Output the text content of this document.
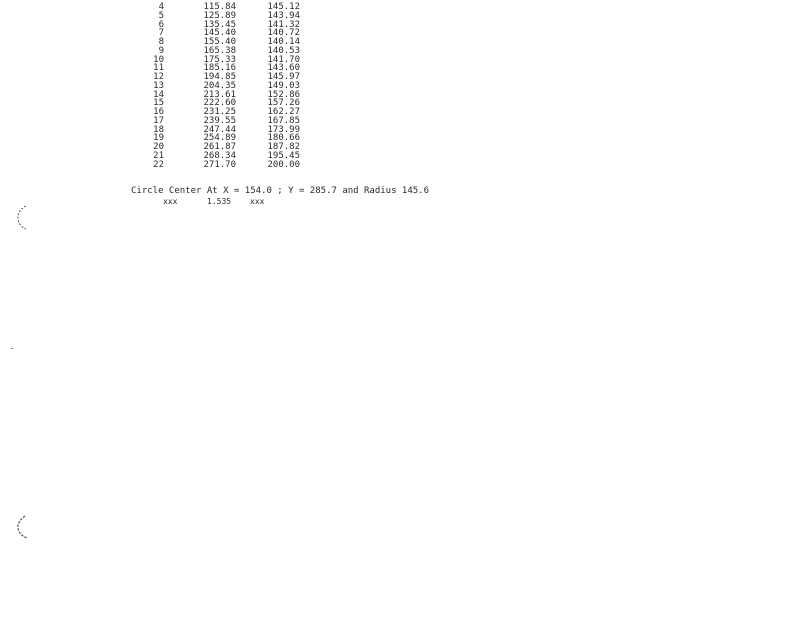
4	115.84	145.12
5	125.89	143.94
6	135.45	141.32
7	145.40	140.72
8	155.40	140.14
9	165.38	140.53
10	175.33	141.70
11	185.16	143.60
12	194.85	145.97
13	204.35	149.03
14	213.61	152.86
15	222.60	157.26
16	231.25	162.27
17	239.55	167.85
18	247.44	173.99
19	254.89	180.66
20	261.87	187.82
21	268.34	195.45
22	271.70	200.00
Circle Center At X = 154.0 ; Y = 285.7 and Radius 145.6
xxx	1.535 xxx
